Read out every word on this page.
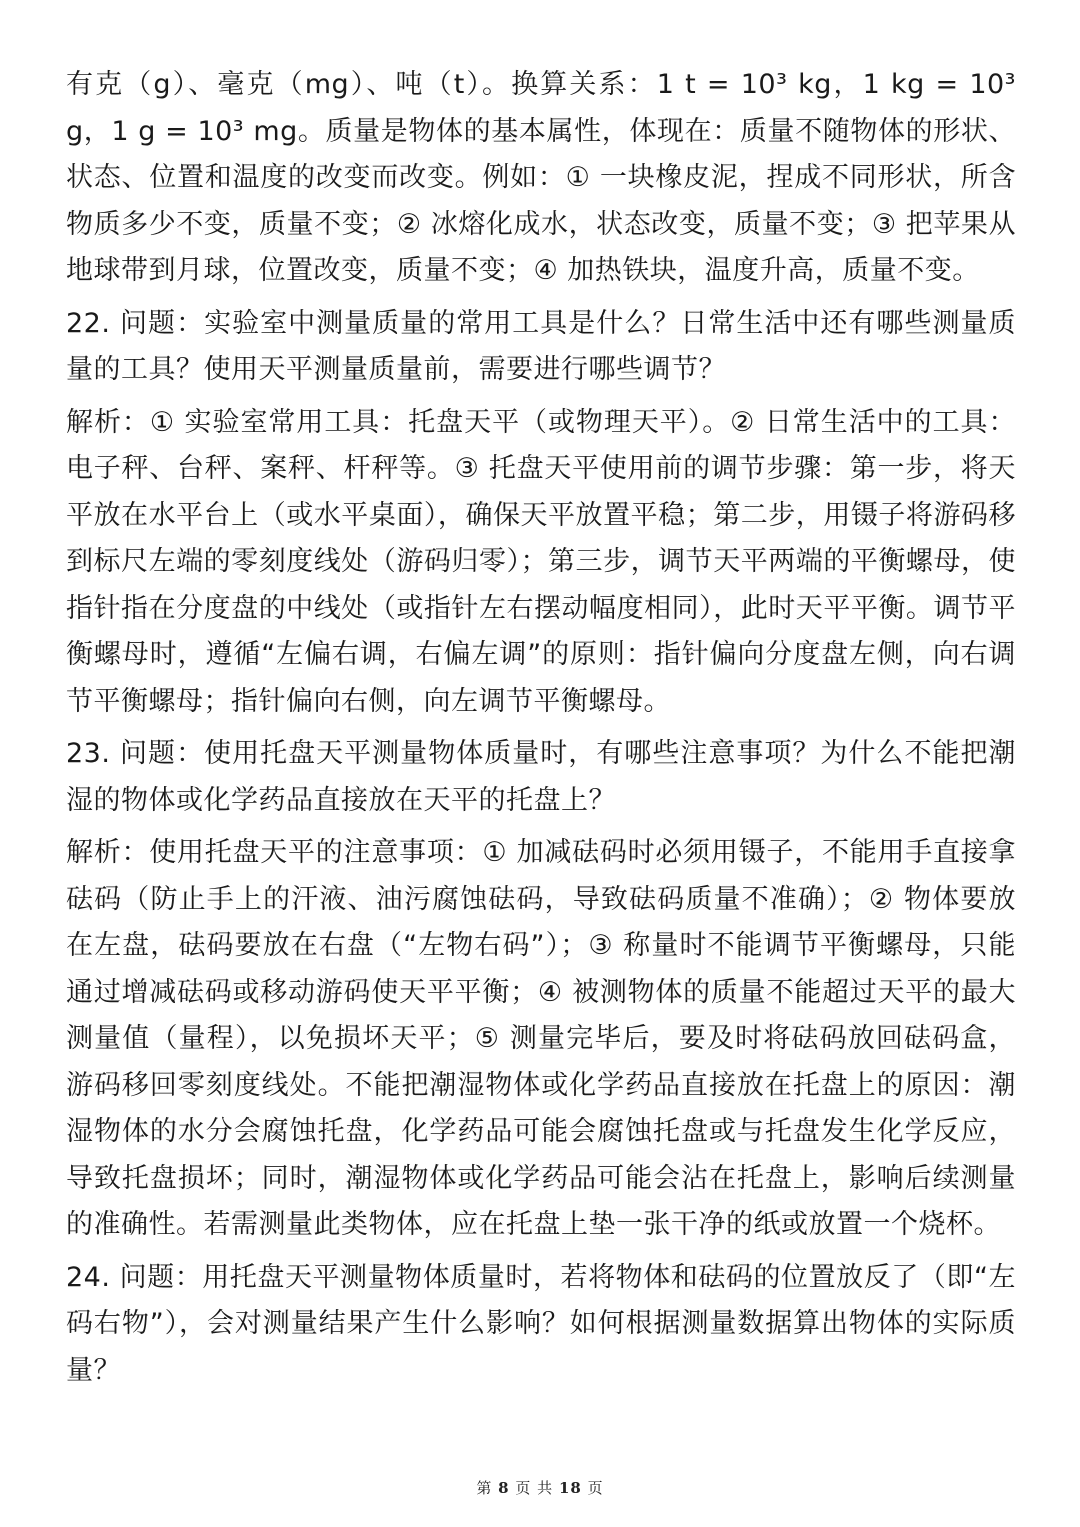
有克（g）、毫克（mg）、吨（t）。换算关系：1 t = 10³ kg，1 kg = 10³ g，1 g = 10³ mg。质量是物体的基本属性，体现在：质量不随物体的形状、状态、位置和温度的改变而改变。例如：① 一块橡皮泥，捏成不同形状，所含物质多少不变，质量不变；② 冰熔化成水，状态改变，质量不变；③ 把苹果从地球带到月球，位置改变，质量不变；④ 加热铁块，温度升高，质量不变。

22. 问题：实验室中测量质量的常用工具是什么？日常生活中还有哪些测量质量的工具？使用天平测量质量前，需要进行哪些调节？

解析：① 实验室常用工具：托盘天平（或物理天平）。② 日常生活中的工具：电子秤、台秤、案秤、杆秤等。③ 托盘天平使用前的调节步骤：第一步，将天平放在水平台上（或水平桌面），确保天平放置平稳；第二步，用镊子将游码移到标尺左端的零刻度线处（游码归零）；第三步，调节天平两端的平衡螺母，使指针指在分度盘的中线处（或指针左右摆动幅度相同），此时天平平衡。调节平衡螺母时，遵循“左偏右调，右偏左调”的原则：指针偏向分度盘左侧，向右调节平衡螺母；指针偏向右侧，向左调节平衡螺母。

23. 问题：使用托盘天平测量物体质量时，有哪些注意事项？为什么不能把潮湿的物体或化学药品直接放在天平的托盘上？

解析：使用托盘天平的注意事项：① 加减砝码时必须用镊子，不能用手直接拿砝码（防止手上的汗液、油污腐蚀砝码，导致砝码质量不准确）；② 物体要放在左盘，砝码要放在右盘（“左物右码”）；③ 称量时不能调节平衡螺母，只能通过增减砝码或移动游码使天平平衡；④ 被测物体的质量不能超过天平的最大测量值（量程），以免损坏天平；⑤ 测量完毕后，要及时将砝码放回砝码盒，游码移回零刻度线处。不能把潮湿物体或化学药品直接放在托盘上的原因：潮湿物体的水分会腐蚀托盘，化学药品可能会腐蚀托盘或与托盘发生化学反应，导致托盘损坏；同时，潮湿物体或化学药品可能会沾在托盘上，影响后续测量的准确性。若需测量此类物体，应在托盘上垫一张干净的纸或放置一个烧杯。

24. 问题：用托盘天平测量物体质量时，若将物体和砝码的位置放反了（即“左码右物”），会对测量结果产生什么影响？如何根据测量数据算出物体的实际质量？

第 8 页 共 18 页
